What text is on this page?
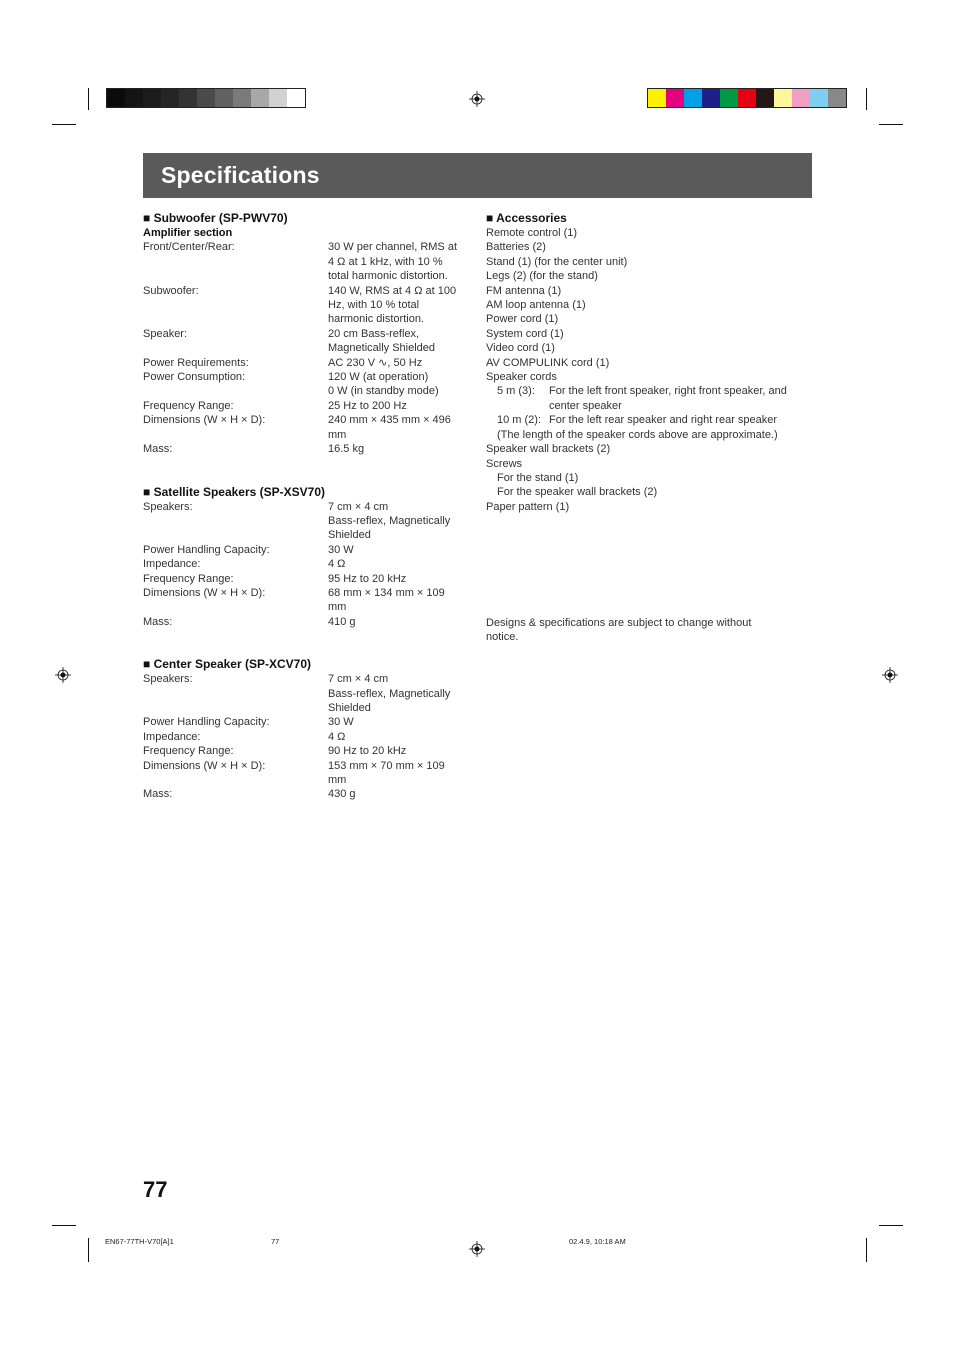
Specifications
■ Subwoofer (SP-PWV70)
Amplifier section
Front/Center/Rear:	30 W per channel, RMS at
4 Ω at 1 kHz, with 10 %
total harmonic distortion.
Subwoofer:	140 W, RMS at 4 Ω at 100
Hz, with 10 % total
harmonic distortion.
Speaker:	20 cm Bass-reflex,
Magnetically Shielded
Power Requirements:	AC 230 V ∿, 50 Hz
Power Consumption:	120 W (at operation)
0 W (in standby mode)
Frequency Range:	25 Hz to 200 Hz
Dimensions (W × H × D):	240 mm × 435 mm × 496
mm
Mass:	16.5 kg
■ Satellite Speakers (SP-XSV70)
Speakers:	7 cm × 4 cm
Bass-reflex, Magnetically
Shielded
Power Handling Capacity:	30 W
Impedance:	4 Ω
Frequency Range:	95 Hz to 20 kHz
Dimensions (W × H × D):	68 mm × 134 mm × 109
mm
Mass:	410 g
■ Center Speaker (SP-XCV70)
Speakers:	7 cm × 4 cm
Bass-reflex, Magnetically
Shielded
Power Handling Capacity:	30 W
Impedance:	4 Ω
Frequency Range:	90 Hz to 20 kHz
Dimensions (W × H × D):	153 mm × 70 mm × 109
mm
Mass:	430 g
■ Accessories
Remote control (1)
Batteries (2)
Stand (1) (for the center unit)
Legs (2) (for the stand)
FM antenna (1)
AM loop antenna (1)
Power cord (1)
System cord (1)
Video cord (1)
AV COMPULINK cord (1)
Speaker cords
5 m (3):	For the left front speaker, right front speaker, and
center speaker
10 m (2): For the left rear speaker and right rear speaker
(The length of the speaker cords above are approximate.)
Speaker wall brackets (2)
Screws
For the stand (1)
For the speaker wall brackets (2)
Paper pattern (1)
Designs & specifications are subject to change without
notice.
77
EN67-77TH-V70[A]1	77	02.4.9, 10:18 AM
